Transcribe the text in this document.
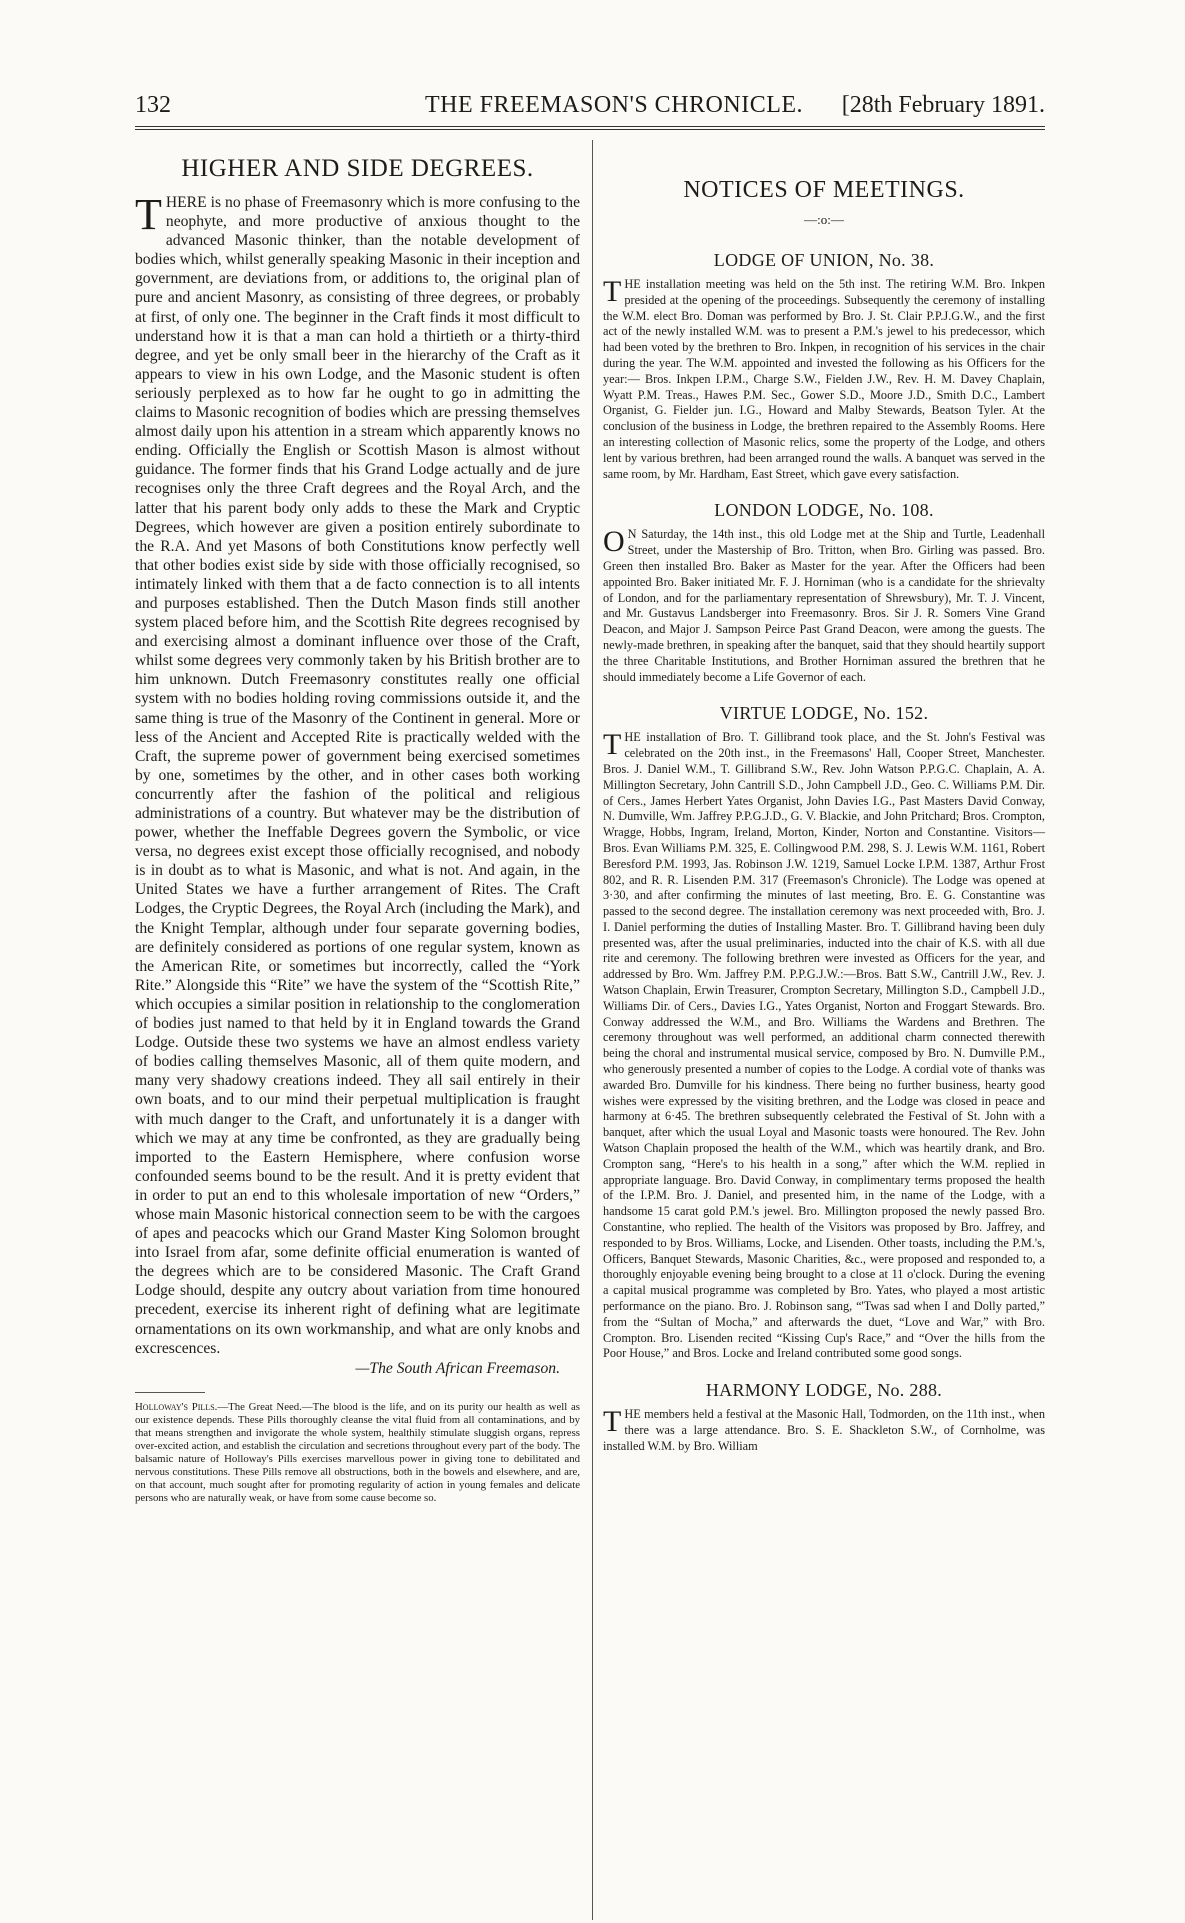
132	THE FREEMASON'S CHRONICLE. [28th February 1891.
HIGHER AND SIDE DEGREES.

THERE is no phase of Freemasonry which is more confusing to the neophyte, and more productive of anxious thought to the advanced Masonic thinker, than the notable development of bodies which, whilst generally speaking Masonic in their inception and government, are deviations from, or additions to, the original plan of pure and ancient Masonry, as consisting of three degrees, or probably at first, of only one. The beginner in the Craft finds it most difficult to understand how it is that a man can hold a thirtieth or a thirty-third degree, and yet be only small beer in the hierarchy of the Craft as it appears to view in his own Lodge, and the Masonic student is often seriously perplexed as to how far he ought to go in admitting the claims to Masonic recognition of bodies which are pressing themselves almost daily upon his attention in a stream which apparently knows no ending. Officially the English or Scottish Mason is almost without guidance. The former finds that his Grand Lodge actually and de jure recognises only the three Craft degrees and the Royal Arch, and the latter that his parent body only adds to these the Mark and Cryptic Degrees, which however are given a position entirely subordinate to the R.A. And yet Masons of both Constitutions know perfectly well that other bodies exist side by side with those officially recognised, so intimately linked with them that a de facto connection is to all intents and purposes established. Then the Dutch Mason finds still another system placed before him, and the Scottish Rite degrees recognised by and exercising almost a dominant influence over those of the Craft, whilst some degrees very commonly taken by his British brother are to him unknown. Dutch Freemasonry constitutes really one official system with no bodies holding roving commissions outside it, and the same thing is true of the Masonry of the Continent in general. More or less of the Ancient and Accepted Rite is practically welded with the Craft, the supreme power of government being exercised sometimes by one, sometimes by the other, and in other cases both working concurrently after the fashion of the political and religious administrations of a country. But whatever may be the distribution of power, whether the Ineffable Degrees govern the Symbolic, or vice versa, no degrees exist except those officially recognised, and nobody is in doubt as to what is Masonic, and what is not. And again, in the United States we have a further arrangement of Rites. The Craft Lodges, the Cryptic Degrees, the Royal Arch (including the Mark), and the Knight Templar, although under four separate governing bodies, are definitely considered as portions of one regular system, known as the American Rite, or sometimes but incorrectly, called the “York Rite.” Alongside this “Rite” we have the system of the “Scottish Rite,” which occupies a similar position in relationship to the conglomeration of bodies just named to that held by it in England towards the Grand Lodge. Outside these two systems we have an almost endless variety of bodies calling themselves Masonic, all of them quite modern, and many very shadowy creations indeed. They all sail entirely in their own boats, and to our mind their perpetual multiplication is fraught with much danger to the Craft, and unfortunately it is a danger with which we may at any time be confronted, as they are gradually being imported to the Eastern Hemisphere, where confusion worse confounded seems bound to be the result. And it is pretty evident that in order to put an end to this wholesale importation of new “Orders,” whose main Masonic historical connection seem to be with the cargoes of apes and peacocks which our Grand Master King Solomon brought into Israel from afar, some definite official enumeration is wanted of the degrees which are to be considered Masonic. The Craft Grand Lodge should, despite any outcry about variation from time honoured precedent, exercise its inherent right of defining what are legitimate ornamentations on its own workmanship, and what are only knobs and excrescences.

—The South African Freemason.

Holloway's Pills.—The Great Need.—The blood is the life, and on its purity our health as well as our existence depends. These Pills thoroughly cleanse the vital fluid from all contaminations, and by that means strengthen and invigorate the whole system, healthily stimulate sluggish organs, repress over-excited action, and establish the circulation and secretions throughout every part of the body. The balsamic nature of Holloway's Pills exercises marvellous power in giving tone to debilitated and nervous constitutions. These Pills remove all obstructions, both in the bowels and elsewhere, and are, on that account, much sought after for promoting regularity of action in young females and delicate persons who are naturally weak, or have from some cause become so.

NOTICES OF MEETINGS.
—:o:—
LODGE OF UNION, No. 38.

THE installation meeting was held on the 5th inst. The retiring W.M. Bro. Inkpen presided at the opening of the proceedings. Subsequently the ceremony of installing the W.M. elect Bro. Doman was performed by Bro. J. St. Clair P.P.J.G.W., and the first act of the newly installed W.M. was to present a P.M.'s jewel to his predecessor, which had been voted by the brethren to Bro. Inkpen, in recognition of his services in the chair during the year. The W.M. appointed and invested the following as his Officers for the year:— Bros. Inkpen I.P.M., Charge S.W., Fielden J.W., Rev. H. M. Davey Chaplain, Wyatt P.M. Treas., Hawes P.M. Sec., Gower S.D., Moore J.D., Smith D.C., Lambert Organist, G. Fielder jun. I.G., Howard and Malby Stewards, Beatson Tyler. At the conclusion of the business in Lodge, the brethren repaired to the Assembly Rooms. Here an interesting collection of Masonic relics, some the property of the Lodge, and others lent by various brethren, had been arranged round the walls. A banquet was served in the same room, by Mr. Hardham, East Street, which gave every satisfaction.

LONDON LODGE, No. 108.

O N Saturday, the 14th inst., this old Lodge met at the Ship and Turtle, Leadenhall Street, under the Mastership of Bro. Tritton, when Bro. Girling was passed. Bro. Green then installed Bro. Baker as Master for the year. After the Officers had been appointed Bro. Baker initiated Mr. F. J. Horniman (who is a candidate for the shrievalty of London, and for the parliamentary representation of Shrewsbury), Mr. T. J. Vincent, and Mr. Gustavus Landsberger into Freemasonry. Bros. Sir J. R. Somers Vine Grand Deacon, and Major J. Sampson Peirce Past Grand Deacon, were among the guests. The newly-made brethren, in speaking after the banquet, said that they should heartily support the three Charitable Institutions, and Brother Horniman assured the brethren that he should immediately become a Life Governor of each.

VIRTUE LODGE, No. 152.

THE installation of Bro. T. Gillibrand took place, and the St. John's Festival was celebrated on the 20th inst., in the Freemasons' Hall, Cooper Street, Manchester. Bros. J. Daniel W.M., T. Gillibrand S.W., Rev. John Watson P.P.G.C. Chaplain, A. A. Millington Secretary, John Cantrill S.D., John Campbell J.D., Geo. C. Williams P.M. Dir. of Cers., James Herbert Yates Organist, John Davies I.G., Past Masters David Conway, N. Dumville, Wm. Jaffrey P.P.G.J.D., G. V. Blackie, and John Pritchard; Bros. Crompton, Wragge, Hobbs, Ingram, Ireland, Morton, Kinder, Norton and Constantine. Visitors—Bros. Evan Williams P.M. 325, E. Collingwood P.M. 298, S. J. Lewis W.M. 1161, Robert Beresford P.M. 1993, Jas. Robinson J.W. 1219, Samuel Locke I.P.M. 1387, Arthur Frost 802, and R. R. Lisenden P.M. 317 (Freemason's Chronicle). The Lodge was opened at 3·30, and after confirming the minutes of last meeting, Bro. E. G. Constantine was passed to the second degree. The installation ceremony was next proceeded with, Bro. J. I. Daniel performing the duties of Installing Master. Bro. T. Gillibrand having been duly presented was, after the usual preliminaries, inducted into the chair of K.S. with all due rite and ceremony. The following brethren were invested as Officers for the year, and addressed by Bro. Wm. Jaffrey P.M. P.P.G.J.W.:—Bros. Batt S.W., Cantrill J.W., Rev. J. Watson Chaplain, Erwin Treasurer, Crompton Secretary, Millington S.D., Campbell J.D., Williams Dir. of Cers., Davies I.G., Yates Organist, Norton and Froggart Stewards. Bro. Conway addressed the W.M., and Bro. Williams the Wardens and Brethren. The ceremony throughout was well performed, an additional charm connected therewith being the choral and instrumental musical service, composed by Bro. N. Dumville P.M., who generously presented a number of copies to the Lodge. A cordial vote of thanks was awarded Bro. Dumville for his kindness. There being no further business, hearty good wishes were expressed by the visiting brethren, and the Lodge was closed in peace and harmony at 6·45. The brethren subsequently celebrated the Festival of St. John with a banquet, after which the usual Loyal and Masonic toasts were honoured. The Rev. John Watson Chaplain proposed the health of the W.M., which was heartily drank, and Bro. Crompton sang, “Here's to his health in a song,” after which the W.M. replied in appropriate language. Bro. David Conway, in complimentary terms proposed the health of the I.P.M. Bro. J. Daniel, and presented him, in the name of the Lodge, with a handsome 15 carat gold P.M.'s jewel. Bro. Millington proposed the newly passed Bro. Constantine, who replied. The health of the Visitors was proposed by Bro. Jaffrey, and responded to by Bros. Williams, Locke, and Lisenden. Other toasts, including the P.M.'s, Officers, Banquet Stewards, Masonic Charities, &c., were proposed and responded to, a thoroughly enjoyable evening being brought to a close at 11 o'clock. During the evening a capital musical programme was completed by Bro. Yates, who played a most artistic performance on the piano. Bro. J. Robinson sang, “'Twas sad when I and Dolly parted,” from the “Sultan of Mocha,” and afterwards the duet, “Love and War,” with Bro. Crompton. Bro. Lisenden recited “Kissing Cup's Race,” and “Over the hills from the Poor House,” and Bros. Locke and Ireland contributed some good songs.

HARMONY LODGE, No. 288.

THE members held a festival at the Masonic Hall, Todmorden, on the 11th inst., when there was a large attendance. Bro. S. E. Shackleton S.W., of Cornholme, was installed W.M. by Bro. William
